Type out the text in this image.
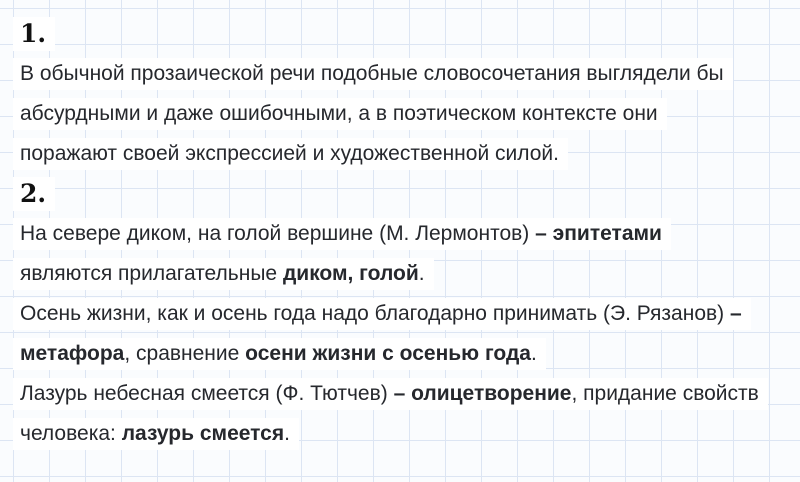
1.
В обычной прозаической речи подобные словосочетания выглядели бы
абсурдными и даже ошибочными, а в поэтическом контексте они
поражают своей экспрессией и художественной силой.
2.
На севере диком, на голой вершине (М. Лермонтов) – эпитетами
являются прилагательные диком, голой.
Осень жизни, как и осень года надо благодарно принимать (Э. Рязанов) –
метафора, сравнение осени жизни с осенью года.
Лазурь небесная смеется (Ф. Тютчев) – олицетворение, придание свойств
человека: лазурь смеется.
